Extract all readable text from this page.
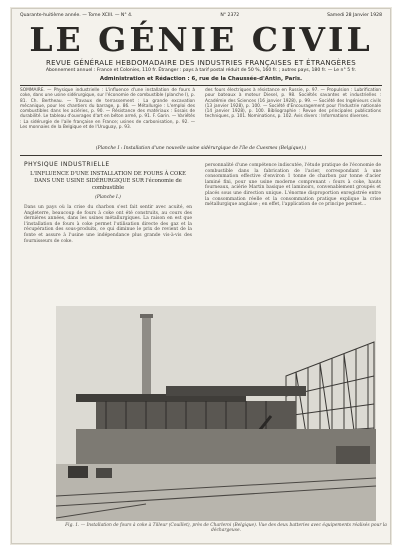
Quarante-huitième année. — Tome XCIII. — N° 4.	N° 2372	Samedi 28 Janvier 1928
LE GÉNIE CIVIL
REVUE GÉNÉRALE HEBDOMADAIRE DES INDUSTRIES FRANÇAISES ET ÉTRANGÈRES
Abonnement annuel : France et Colonies, 110 fr. Étranger : pays à tarif postal réduit de 50 %, 160 fr. ; autres pays, 180 fr. — Le n° 5 fr.
Administration et Rédaction : 6, rue de la Chaussée-d'Antin, Paris.
SOMMAIRE. — Physique industrielle : L'influence d'une installation de fours à coke, dans une usine sidérurgique, sur l'économie de combustible (planche I), p. 81. Ch. Bertheau. — Travaux de terrassement : La grande excavation mécanique, pour les chantiers du barrage, p. 86. — Métallurgie : L'emploi des combustibles dans les aciéries, p. 90. — Résistance des matériaux : Essais de durabilité. Le tableau d'ouvrages d'art en béton armé, p. 91. F. Garin. — Variétés : La sidérurgie de l'aile française en France; usines de carbonisation, p. 92. — Les monnaies de la Belgique et de l'Uruguay, p. 93.
des fours électriques à résistance en Russie, p. 97. — Propulsion : Lubrification pour bateaux à moteur Diesel, p. 98. Sociétés savantes et industrielles : Académie des Sciences (16 janvier 1928), p. 99. — Société des Ingénieurs civils (13 janvier 1928), p. 100. — Société d'Encouragement pour l'Industrie nationale (14 janvier 1928), p. 100. Bibliographie : Revue des principales publications techniques, p. 101. Nominations, p. 102. Avis divers : Informations diverses.
(Planche I : Installation d'une nouvelle usine sidérurgique de l'île de Cuesmes (Belgique).)
PHYSIQUE INDUSTRIELLE
L'INFLUENCE D'UNE INSTALLATION DE FOURS À COKE DANS UNE USINE SIDÉRURGIQUE SUR l'économie de combustible
(Planche I.)
Dans un pays où la crise du charbon s'est fait sentir avec acuité, en Angleterre, beaucoup de fours à coke ont été construits, au cours des dernières années, dans les usines métallurgiques. La raison en est que l'installation de fours à coke permet l'utilisation directe des gaz et la récupération des sous-produits, ce qui diminue le prix de revient de la fonte et assure à l'usine une indépendance plus grande vis-à-vis des fournisseurs de coke.
personnalité d'une compétence indiscutée, l'étude pratique de l'économie de combustible dans la fabrication de l'acier, correspondant à une consommation effective d'environ 1 tonne de charbon par tonne d'acier laminé fini, pour une usine moderne comprenant : fours à coke, hauts fourneaux, aciérie Martin basique et laminoirs, convenablement groupés et placés sous une direction unique. L'énorme disproportion enregistrée entre la consommation réelle et la consommation pratique explique la crise métallurgique anglaise ; en effet, l'application de ce principe permet...
Fig. 1. — Installation de fours à coke à Tilleur (Couillet), près de Charleroi (Belgique). Vue des deux batteries avec équipements réalisés pour la déchargeuse.
